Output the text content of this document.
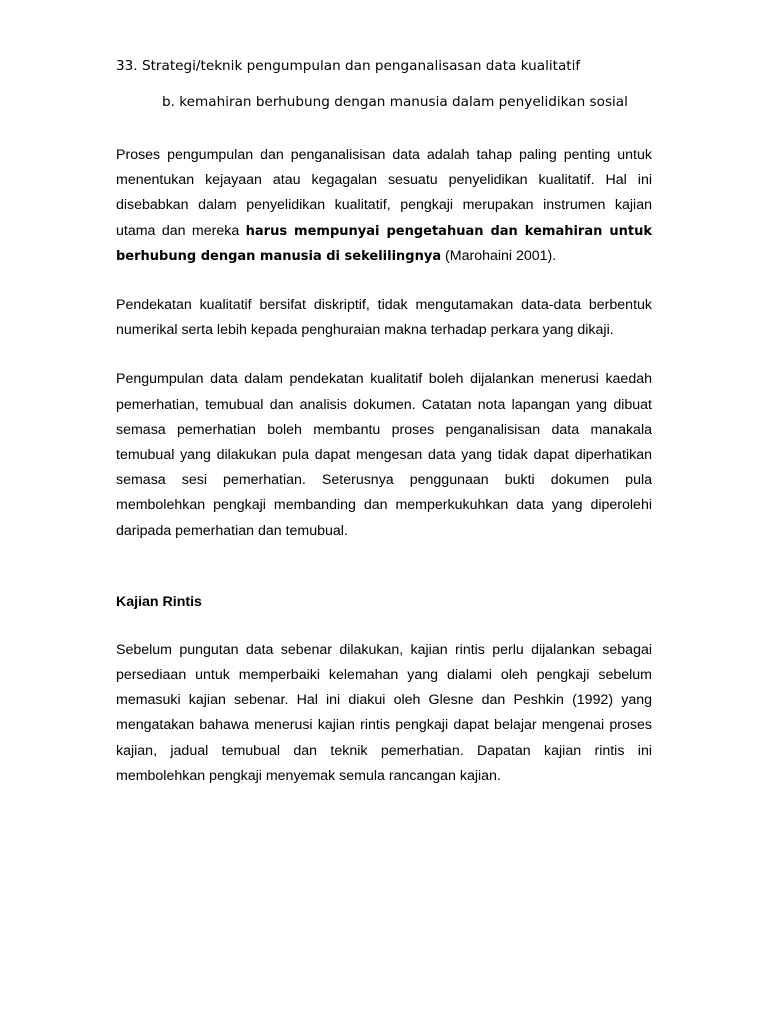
33. Strategi/teknik pengumpulan dan penganalisasan data kualitatif

b. kemahiran berhubung dengan manusia dalam penyelidikan sosial

Proses pengumpulan dan penganalisisan data adalah tahap paling penting untuk menentukan kejayaan atau kegagalan sesuatu penyelidikan kualitatif. Hal ini disebabkan dalam penyelidikan kualitatif, pengkaji merupakan instrumen kajian utama dan mereka harus mempunyai pengetahuan dan kemahiran untuk berhubung dengan manusia di sekelilingnya (Marohaini 2001).

Pendekatan kualitatif bersifat diskriptif, tidak mengutamakan data-data berbentuk numerikal serta lebih kepada penghuraian makna terhadap perkara yang dikaji.

Pengumpulan data dalam pendekatan kualitatif boleh dijalankan menerusi kaedah pemerhatian, temubual dan analisis dokumen. Catatan nota lapangan yang dibuat semasa pemerhatian boleh membantu proses penganalisisan data manakala temubual yang dilakukan pula dapat mengesan data yang tidak dapat diperhatikan semasa sesi pemerhatian. Seterusnya penggunaan bukti dokumen pula membolehkan pengkaji membanding dan memperkukuhkan data yang diperolehi daripada pemerhatian dan temubual.

Kajian Rintis

Sebelum pungutan data sebenar dilakukan, kajian rintis perlu dijalankan sebagai persediaan untuk memperbaiki kelemahan yang dialami oleh pengkaji sebelum memasuki kajian sebenar. Hal ini diakui oleh Glesne dan Peshkin (1992) yang mengatakan bahawa menerusi kajian rintis pengkaji dapat belajar mengenai proses kajian, jadual temubual dan teknik pemerhatian. Dapatan kajian rintis ini membolehkan pengkaji menyemak semula rancangan kajian.
